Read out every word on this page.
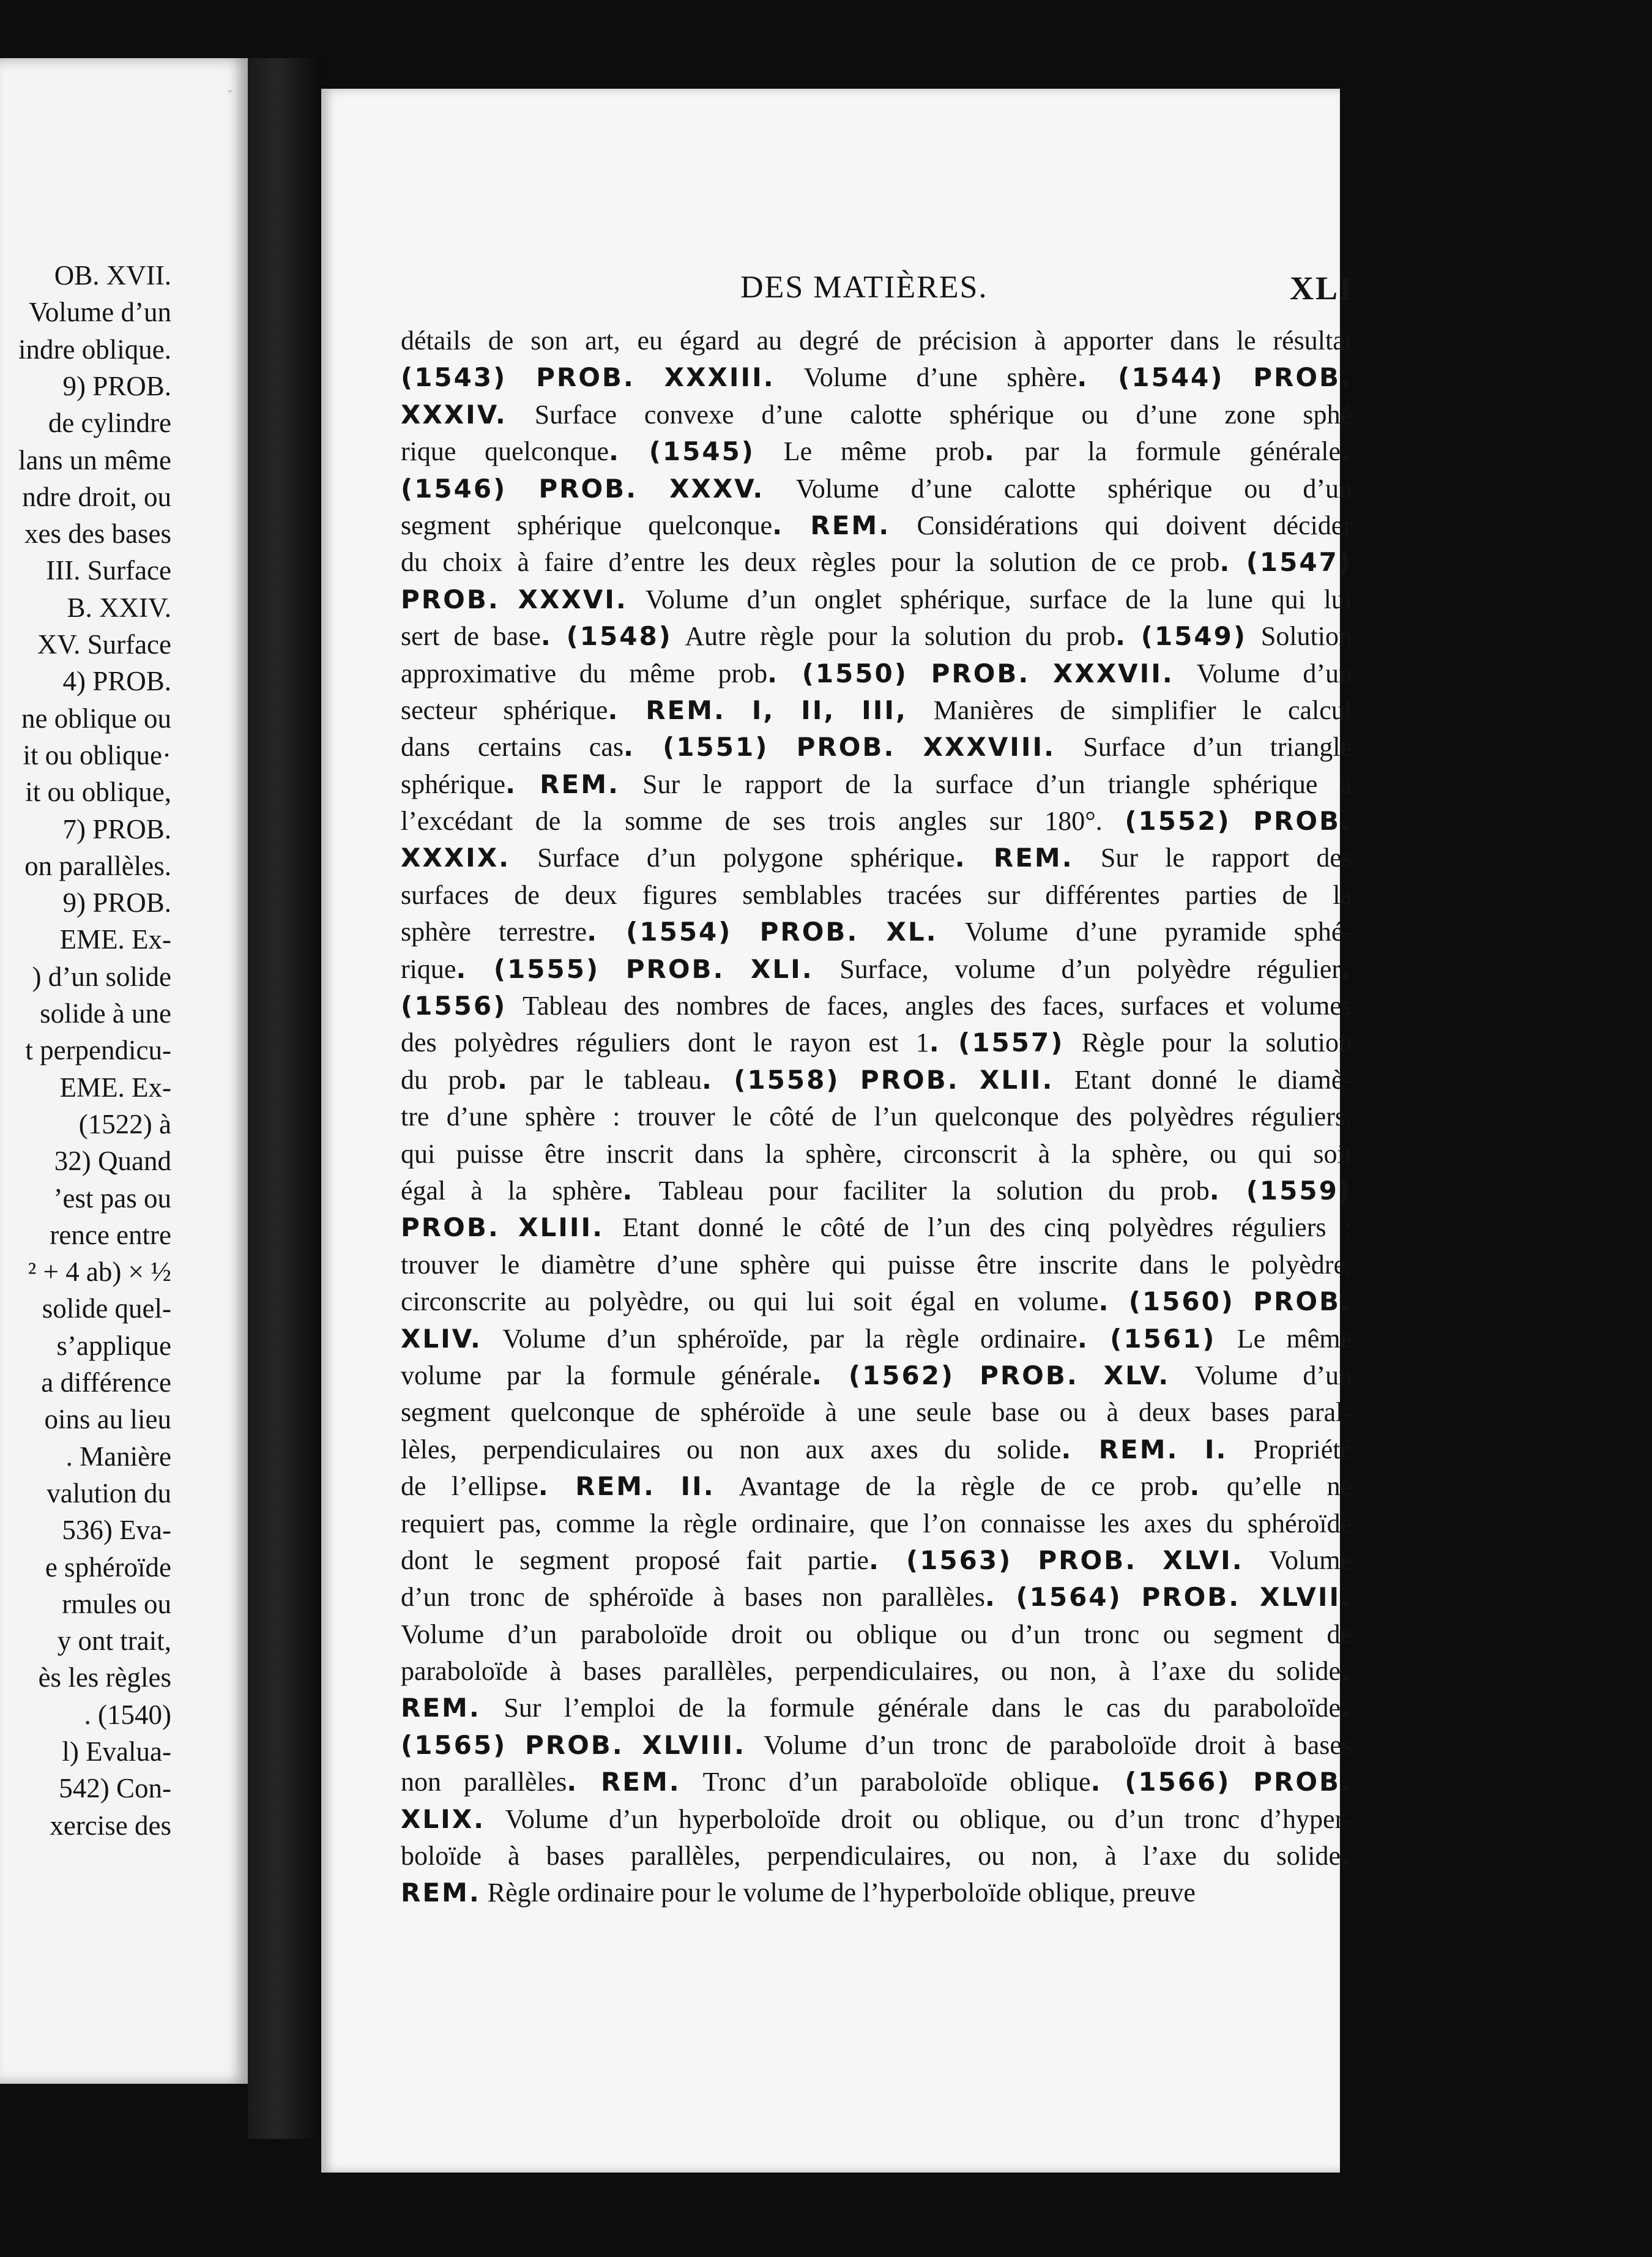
OB. XVII.
Volume d’un
indre oblique.
9) PROB.
de cylindre
lans un même
ndre droit, ou
xes des bases
III. Surface
B. XXIV.
XV. Surface
4) PROB.
ne oblique ou
it ou oblique·
it ou oblique,
7) PROB.
on parallèles.
9) PROB.
EME. Ex-
) d’un solide
solide à une
t perpendicu-
EME. Ex-
(1522) à
32) Quand
’est pas ou
rence entre
² + 4 ab) × ½
solide quel-
s’applique
a différence
oins au lieu
. Manière
valution du
536) Eva-
e sphéroïde
rmules ou
y ont trait,
ès les règles
. (1540)
l) Evalua-
542) Con-
xercise des
DES MATIÈRES.	XLI
détails de son art, eu égard au degré de précision à apporter dans le résultat
(1543) PROB. XXXIII. Volume d’une sphère. (1544) PROB.
XXXIV. Surface convexe d’une calotte sphérique ou d’une zone sphé
rique quelconque. (1545) Le même prob. par la formule générale.
(1546) PROB. XXXV. Volume d’une calotte sphérique ou d’un
segment sphérique quelconque. REM. Considérations qui doivent décider
du choix à faire d’entre les deux règles pour la solution de ce prob. (1547)
PROB. XXXVI. Volume d’un onglet sphérique, surface de la lune qui lui
sert de base. (1548) Autre règle pour la solution du prob. (1549) Solution
approximative du même prob. (1550) PROB. XXXVII. Volume d’un
secteur sphérique. REM. I, II, III, Manières de simplifier le calcul
dans certains cas. (1551) PROB. XXXVIII. Surface d’un triangle
sphérique. REM. Sur le rapport de la surface d’un triangle sphérique à
l’excédant de la somme de ses trois angles sur 180°. (1552) PROB.
XXXIX. Surface d’un polygone sphérique. REM. Sur le rapport des
surfaces de deux figures semblables tracées sur différentes parties de la
sphère terrestre. (1554) PROB. XL. Volume d’une pyramide sphé-
rique. (1555) PROB. XLI. Surface, volume d’un polyèdre régulier.
(1556) Tableau des nombres de faces, angles des faces, surfaces et volumes
des polyèdres réguliers dont le rayon est 1. (1557) Règle pour la solution
du prob. par le tableau. (1558) PROB. XLII. Etant donné le diamè-
tre d’une sphère : trouver le côté de l’un quelconque des polyèdres réguliers,
qui puisse être inscrit dans la sphère, circonscrit à la sphère, ou qui soit
égal à la sphère. Tableau pour faciliter la solution du prob. (1559)
PROB. XLIII. Etant donné le côté de l’un des cinq polyèdres réguliers :
trouver le diamètre d’une sphère qui puisse être inscrite dans le polyèdre,
circonscrite au polyèdre, ou qui lui soit égal en volume. (1560) PROB.
XLIV. Volume d’un sphéroïde, par la règle ordinaire. (1561) Le même
volume par la formule générale. (1562) PROB. XLV. Volume d’un
segment quelconque de sphéroïde à une seule base ou à deux bases paral-
lèles, perpendiculaires ou non aux axes du solide. REM. I. Propriété
de l’ellipse. REM. II. Avantage de la règle de ce prob. qu’elle ne
requiert pas, comme la règle ordinaire, que l’on connaisse les axes du sphéroïde
dont le segment proposé fait partie. (1563) PROB. XLVI. Volume
d’un tronc de sphéroïde à bases non parallèles. (1564) PROB. XLVII.
Volume d’un paraboloïde droit ou oblique ou d’un tronc ou segment de
paraboloïde à bases parallèles, perpendiculaires, ou non, à l’axe du solide.
REM. Sur l’emploi de la formule générale dans le cas du paraboloïde.
(1565) PROB. XLVIII. Volume d’un tronc de paraboloïde droit à bases
non parallèles. REM. Tronc d’un paraboloïde oblique. (1566) PROB.
XLIX. Volume d’un hyperboloïde droit ou oblique, ou d’un tronc d’hyper-
boloïde à bases parallèles, perpendiculaires, ou non, à l’axe du solide.
REM. Règle ordinaire pour le volume de l’hyperboloïde oblique, preuve
